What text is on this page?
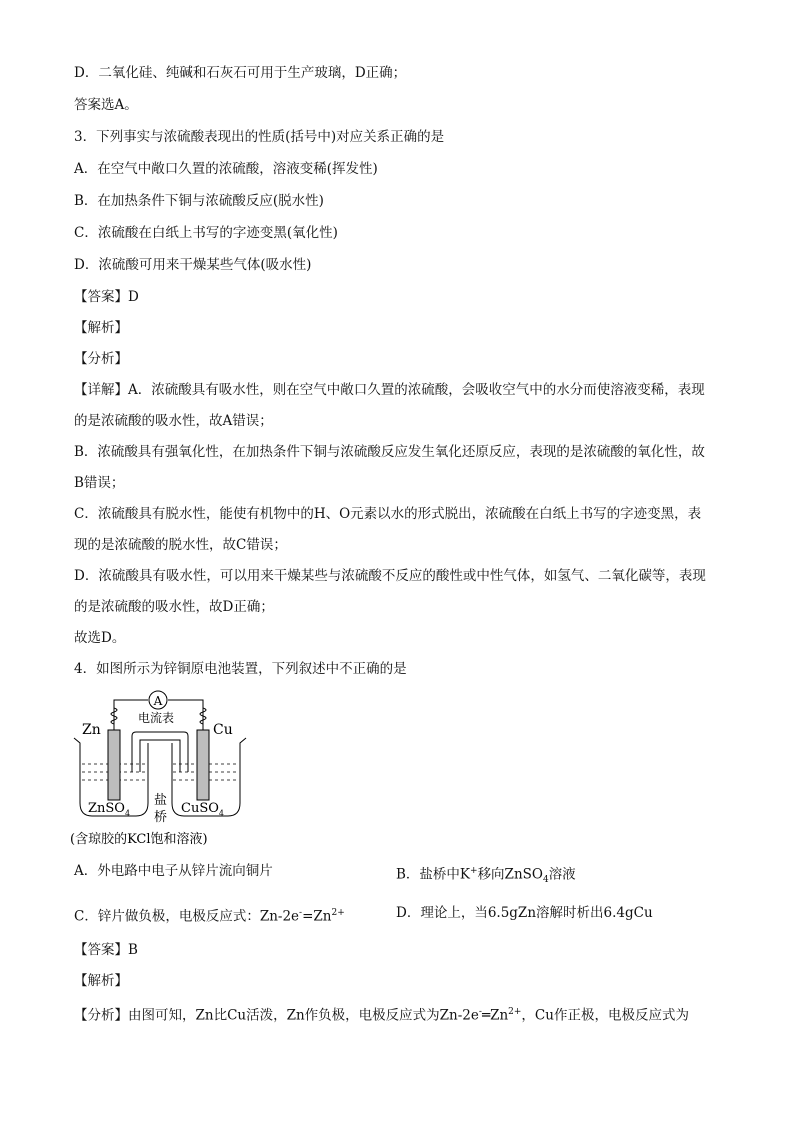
D．二氧化硅、纯碱和石灰石可用于生产玻璃，D正确；
答案选A。
3．下列事实与浓硫酸表现出的性质(括号中)对应关系正确的是
A．在空气中敞口久置的浓硫酸，溶液变稀(挥发性)
B．在加热条件下铜与浓硫酸反应(脱水性)
C．浓硫酸在白纸上书写的字迹变黑(氧化性)
D．浓硫酸可用来干燥某些气体(吸水性)
【答案】D
【解析】
【分析】
【详解】A．浓硫酸具有吸水性，则在空气中敞口久置的浓硫酸，会吸收空气中的水分而使溶液变稀，表现
的是浓硫酸的吸水性，故A错误；
B．浓硫酸具有强氧化性，在加热条件下铜与浓硫酸反应发生氧化还原反应，表现的是浓硫酸的氧化性，故
B错误；
C．浓硫酸具有脱水性，能使有机物中的H、O元素以水的形式脱出，浓硫酸在白纸上书写的字迹变黑，表
现的是浓硫酸的脱水性，故C错误；
D．浓硫酸具有吸水性，可以用来干燥某些与浓硫酸不反应的酸性或中性气体，如氢气、二氧化碳等，表现
的是浓硫酸的吸水性，故D正确；
故选D。
4．如图所示为锌铜原电池装置，下列叙述中不正确的是
A
电流表
Zn	Cu
ZnSO$_4$	CuSO$_4$
盐
桥
(含琼胶的KCl饱和溶液)
A．外电路中电子从锌片流向铜片	B．盐桥中K+移向ZnSO$_4$溶液
C．锌片做负极，电极反应式：$Zn-2e^-=Zn^{2+}$	D．理论上，当6.5gZn溶解时析出6.4gCu
【答案】B
【解析】
【分析】由图可知，Zn比Cu活泼，Zn作负极，电极反应式为$Zn-2e^-═Zn^{2+}$，Cu作正极，电极反应式为
